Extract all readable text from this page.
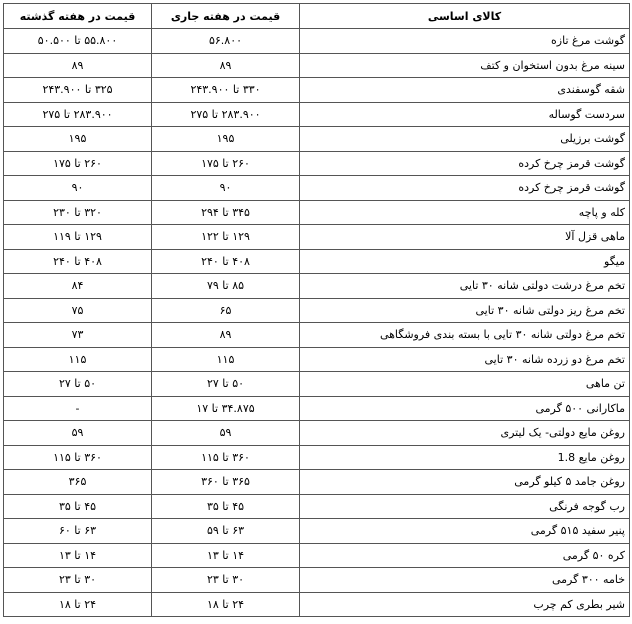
قیمت در هفته گذشته	قیمت در هفته جاری	کالای اساسی
۵۵.۸۰۰ تا ۵۰.۵۰۰	۵۶.۸۰۰	گوشت مرغ تازه
۸۹	۸۹	سینه مرغ بدون استخوان و کتف
۳۲۵ تا ۲۴۳.۹۰۰	۳۳۰ تا ۲۴۳.۹۰۰	شقه گوسفندی
۲۸۳.۹۰۰ تا ۲۷۵	۲۸۳.۹۰۰ تا ۲۷۵	سردست گوساله
۱۹۵	۱۹۵	گوشت برزیلی
۲۶۰ تا ۱۷۵	۲۶۰ تا ۱۷۵	گوشت قرمز چرخ کرده
۹۰	۹۰	گوشت قرمز چرخ کرده
۳۲۰ تا ۲۳۰	۳۴۵ تا ۲۹۴	کله و پاچه
۱۲۹ تا ۱۱۹	۱۲۹ تا ۱۲۲	ماهی قزل آلا
۴۰۸ تا ۲۴۰	۴۰۸ تا ۲۴۰	میگو
۸۴	۸۵ تا ۷۹	تخم مرغ درشت دولتی شانه ۳۰ تایی
۷۵	۶۵	تخم مرغ ریز دولتی شانه ۳۰ تایی
۷۳	۸۹	تخم مرغ دولتی شانه ۳۰ تایی با بسته بندی فروشگاهی
۱۱۵	۱۱۵	تخم مرغ دو زرده شانه ۳۰ تایی
۵۰ تا ۲۷	۵۰ تا ۲۷	تن ماهی
-	۳۴.۸۷۵ تا ۱۷	ماکارانی ۵۰۰ گرمی
۵۹	۵۹	روغن مایع دولتی- یک لیتری
۳۶۰ تا ۱۱۵	۳۶۰ تا ۱۱۵	روغن مایع 1.8
۳۶۵	۳۶۵ تا ۳۶۰	روغن جامد ۵ کیلو گرمی
۴۵ تا ۳۵	۴۵ تا ۳۵	رب گوجه فرنگی
۶۳ تا ۶۰	۶۳ تا ۵۹	پنیر سفید ۵۱۵ گرمی
۱۴ تا ۱۳	۱۴ تا ۱۳	کره ۵۰ گرمی
۳۰ تا ۲۳	۳۰ تا ۲۳	خامه ۳۰۰ گرمی
۲۴ تا ۱۸	۲۴ تا ۱۸	شیر بطری کم چرب
